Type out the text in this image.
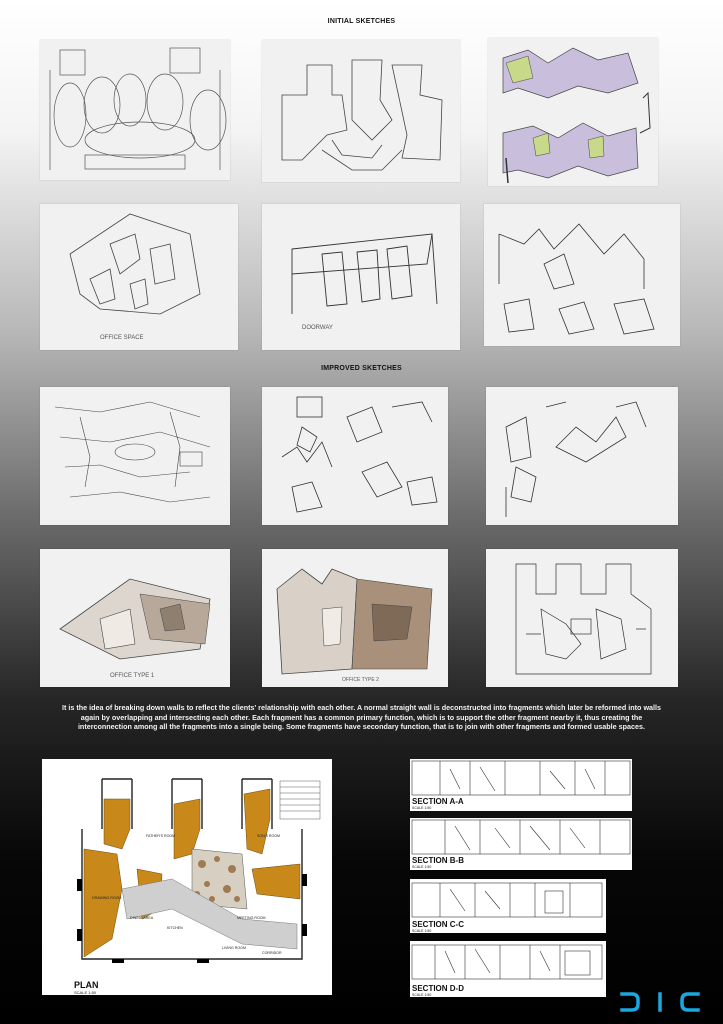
INITIAL SKETCHES
IMPROVED SKETCHES
OFFICE SPACE
DOORWAY
OFFICE TYPE 1
OFFICE TYPE 2
It is the idea of breaking down walls to reflect the clients' relationship with each other. A normal straight wall is deconstructed into fragments which later be reformed into walls again by overlapping and intersecting each other. Each fragment has a common primary function, which is to support the other fragment nearby it, thus creating the interconnection among all the fragments into a single being. Some fragments have secondary function, that is to join with other fragments and formed usable spaces.
FATHER'S ROOM	SON'S ROOM
DINING AREA
KITCHEN
MEETING ROOM
LIVING ROOM
CORRIDOR
DRAWING ROOM
PLAN
SCALE 1:50
SECTION A-A
SCALE 1:50
SECTION B-B
SCALE 1:50
SECTION C-C
SCALE 1:50
SECTION D-D
SCALE 1:50
